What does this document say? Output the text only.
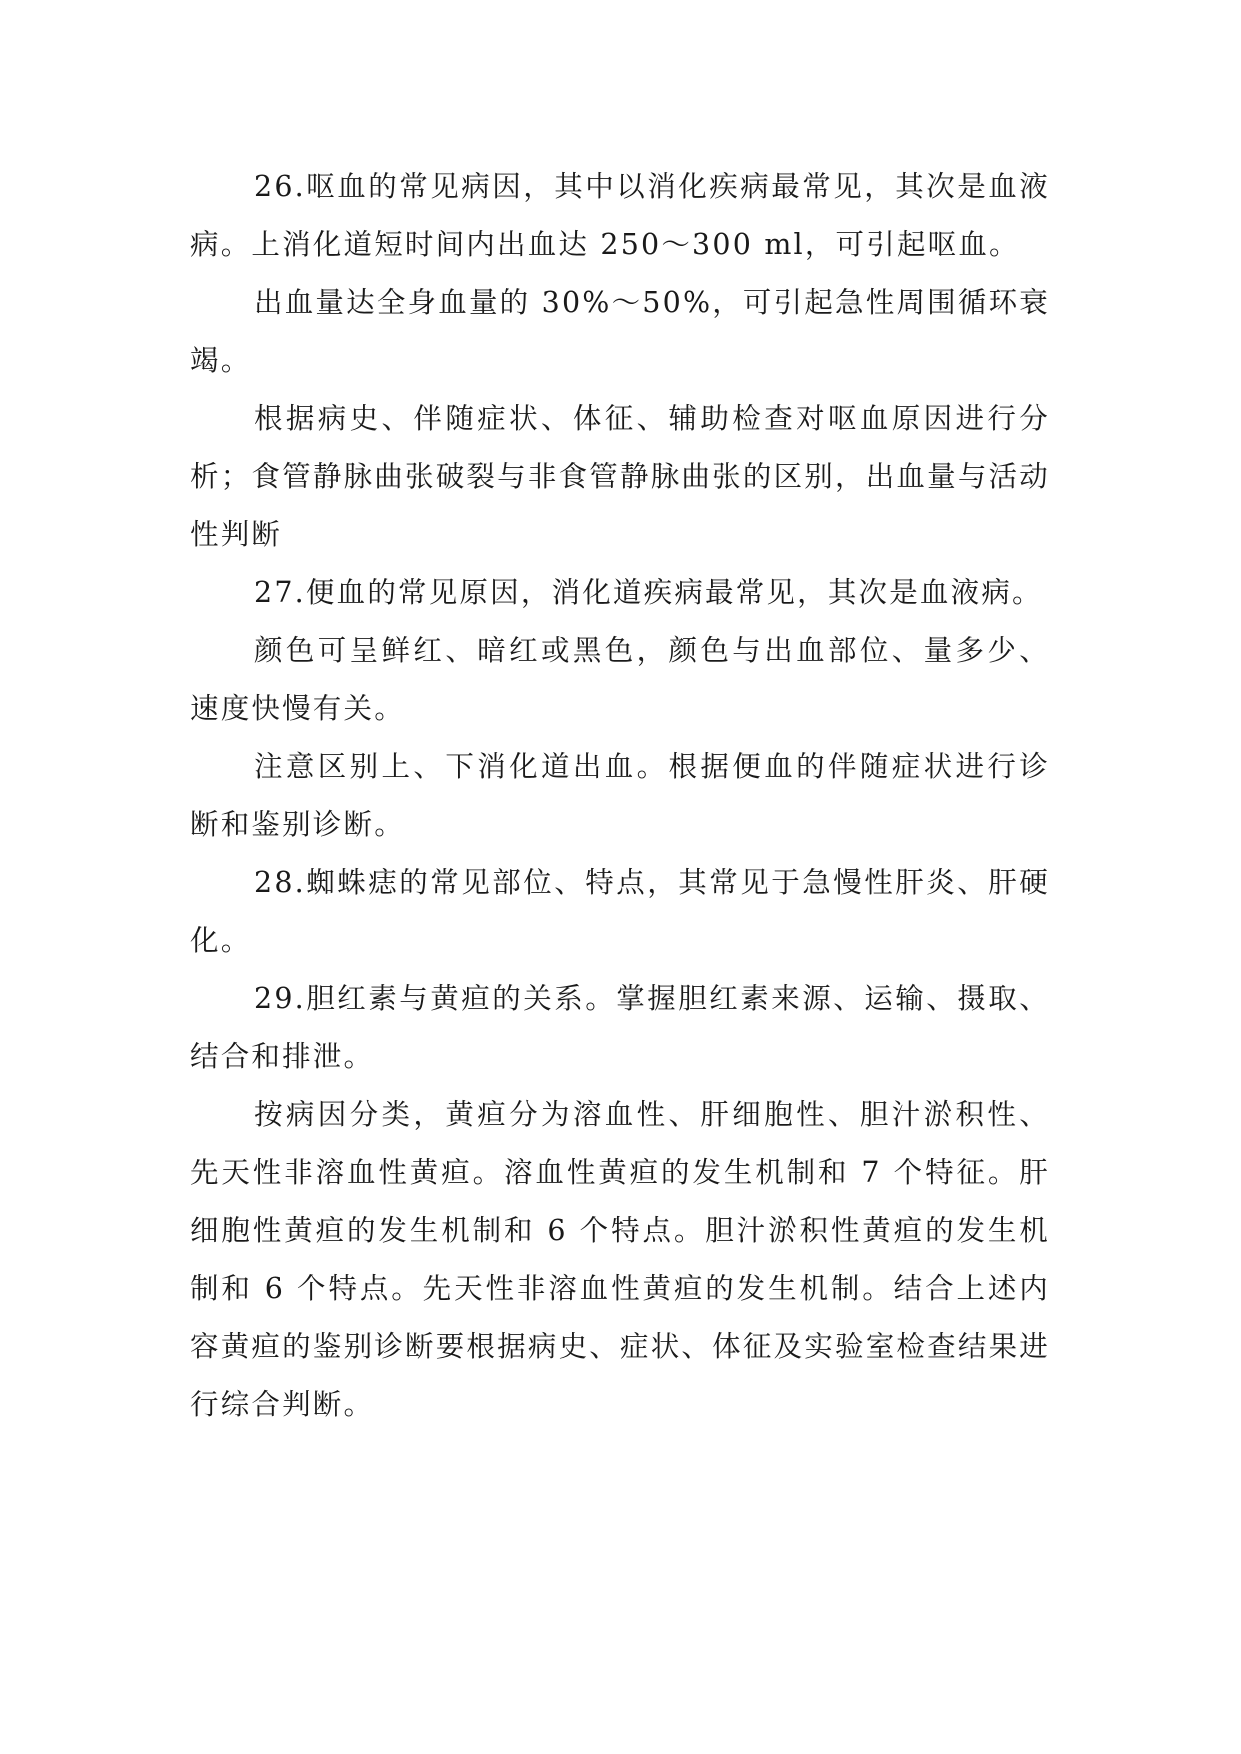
26.呕血的常见病因，其中以消化疾病最常见，其次是血液病。上消化道短时间内出血达 250～300 ml，可引起呕血。

出血量达全身血量的 30%～50%，可引起急性周围循环衰竭。

根据病史、伴随症状、体征、辅助检查对呕血原因进行分析；食管静脉曲张破裂与非食管静脉曲张的区别，出血量与活动性判断

27.便血的常见原因，消化道疾病最常见，其次是血液病。

颜色可呈鲜红、暗红或黑色，颜色与出血部位、量多少、速度快慢有关。

注意区别上、下消化道出血。根据便血的伴随症状进行诊断和鉴别诊断。

28.蜘蛛痣的常见部位、特点，其常见于急慢性肝炎、肝硬化。

29.胆红素与黄疸的关系。掌握胆红素来源、运输、摄取、结合和排泄。

按病因分类，黄疸分为溶血性、肝细胞性、胆汁淤积性、先天性非溶血性黄疸。溶血性黄疸的发生机制和 7 个特征。肝细胞性黄疸的发生机制和 6 个特点。胆汁淤积性黄疸的发生机制和 6 个特点。先天性非溶血性黄疸的发生机制。结合上述内容黄疸的鉴别诊断要根据病史、症状、体征及实验室检查结果进行综合判断。
